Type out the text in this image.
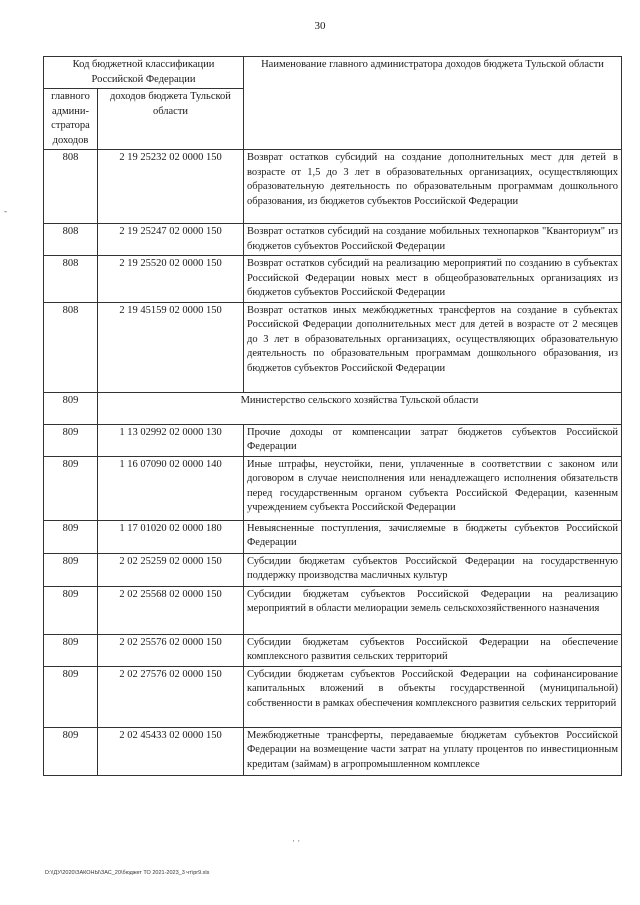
30
Код бюджетной классификации Российской Федерации		Наименование главного администратора доходов бюджета Тульской области
главного админи-стратора доходов	доходов бюджета Тульской области	
808	2 19 25232 02 0000 150	Возврат остатков субсидий на создание дополнительных мест для детей в возрасте от 1,5 до 3 лет в образовательных организациях, осуществляющих образовательную деятельность по образовательным программам дошкольного образования, из бюджетов субъектов Российской Федерации
808	2 19 25247 02 0000 150	Возврат остатков субсидий на создание мобильных технопарков "Кванториум" из бюджетов субъектов Российской Федерации
808	2 19 25520 02 0000 150	Возврат остатков субсидий на реализацию мероприятий по созданию в субъектах Российской Федерации новых мест в общеобразовательных организациях из бюджетов субъектов Российской Федерации
808	2 19 45159 02 0000 150	Возврат остатков иных межбюджетных трансфертов на создание в субъектах Российской Федерации дополнительных мест для детей в возрасте от 2 месяцев до 3 лет в образовательных организациях, осуществляющих образовательную деятельность по образовательным программам дошкольного образования, из бюджетов субъектов Российской Федерации
809	Министерство сельского хозяйства Тульской области	
809	1 13 02992 02 0000 130	Прочие доходы от компенсации затрат бюджетов субъектов Российской Федерации
809	1 16 07090 02 0000 140	Иные штрафы, неустойки, пени, уплаченные в соответствии с законом или договором в случае неисполнения или ненадлежащего исполнения обязательств перед государственным органом субъекта Российской Федерации, казенным учреждением субъекта Российской Федерации
809	1 17 01020 02 0000 180	Невыясненные поступления, зачисляемые в бюджеты субъектов Российской Федерации
809	2 02 25259 02 0000 150	Субсидии бюджетам субъектов Российской Федерации на государственную поддержку производства масличных культур
809	2 02 25568 02 0000 150	Субсидии бюджетам субъектов Российской Федерации на реализацию мероприятий в области мелиорации земель сельскохозяйственного назначения
809	2 02 25576 02 0000 150	Субсидии бюджетам субъектов Российской Федерации на обеспечение комплексного развития сельских территорий
809	2 02 27576 02 0000 150	Субсидии бюджетам субъектов Российской Федерации на софинансирование капитальных вложений в объекты государственной (муниципальной) собственности в рамках обеспечения комплексного развития сельских территорий
809	2 02 45433 02 0000 150	Межбюджетные трансферты, передаваемые бюджетам субъектов Российской Федерации на возмещение части затрат на уплату процентов по инвестиционным кредитам (займам) в агропромышленном комплексе
‐
· ·
D:\!ДУ\2020\ЗАКОНЫ\ЗАС_20\бюджет ТО 2021-2023_3 чт\pr9.xls
